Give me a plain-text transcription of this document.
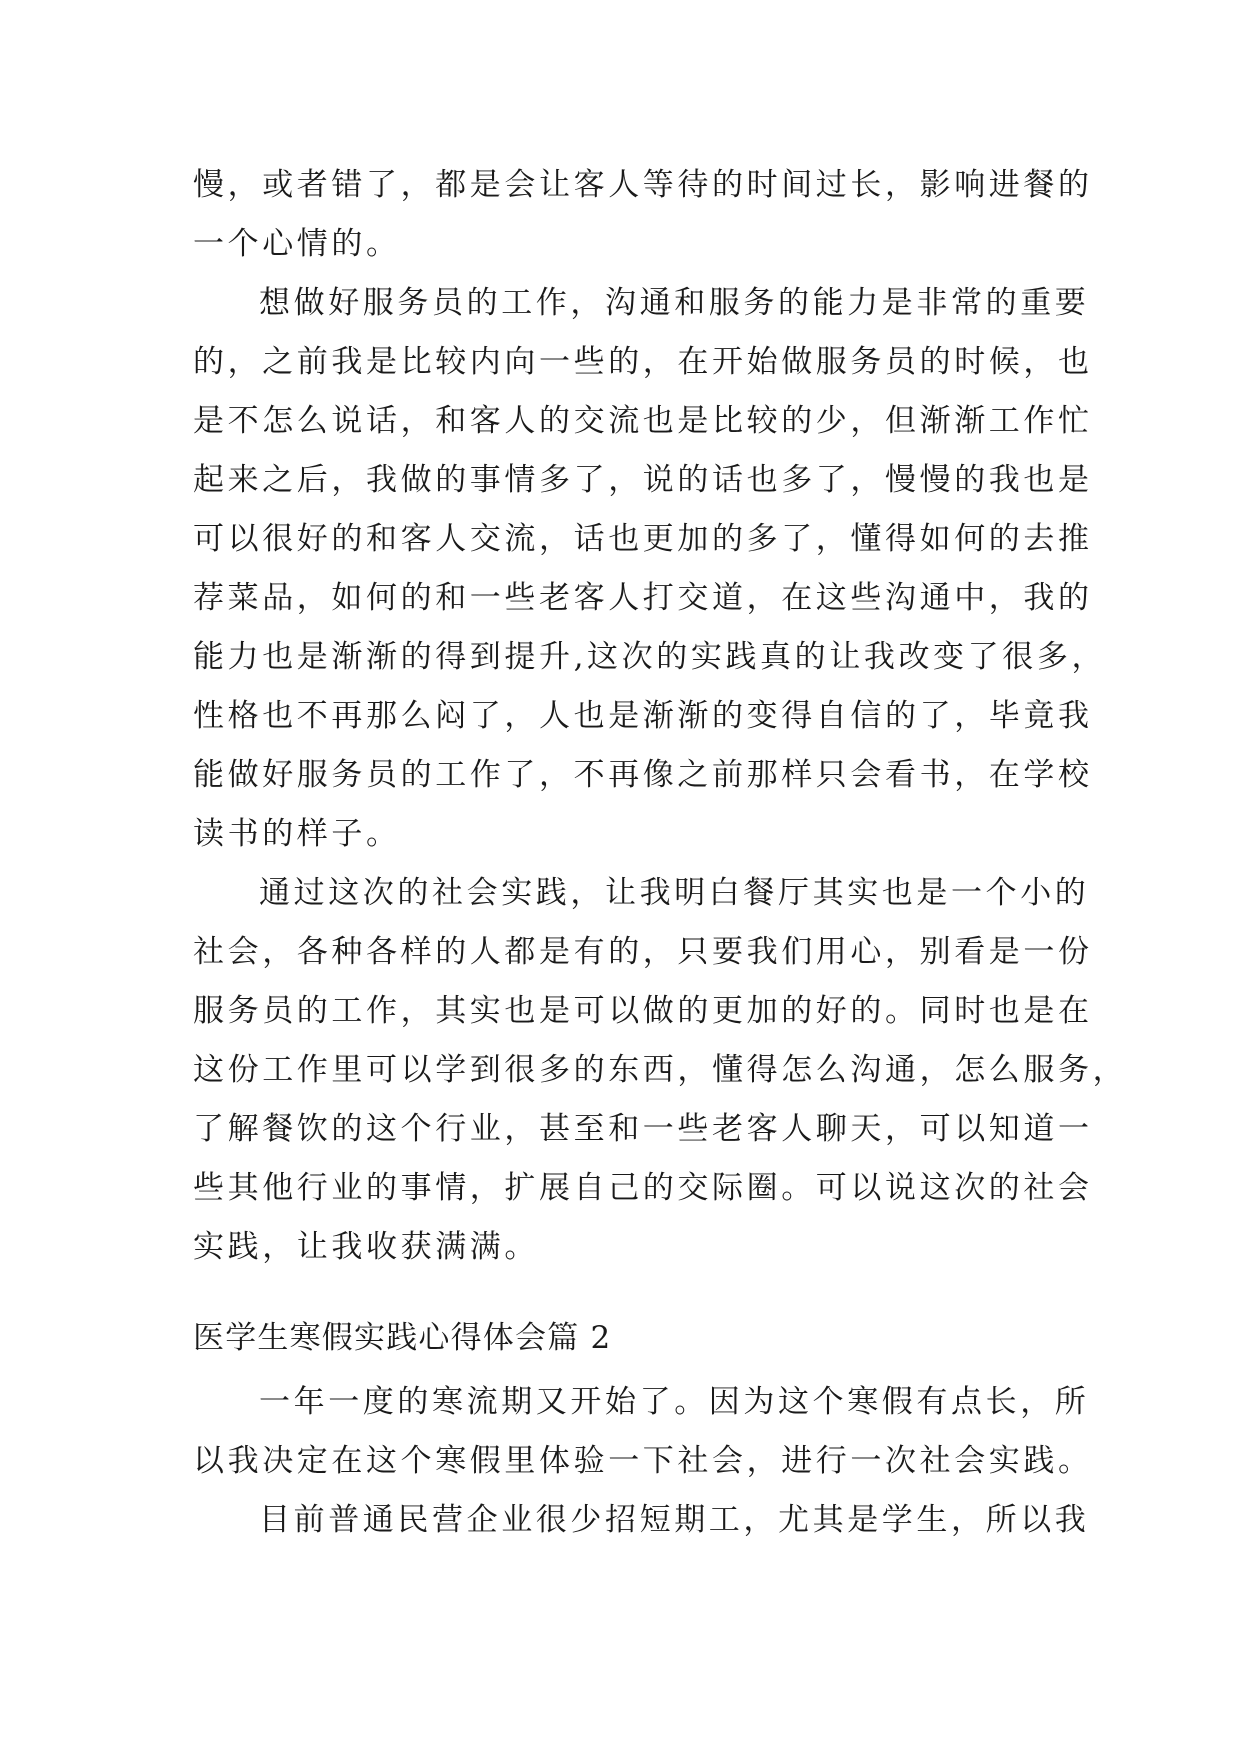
慢，或者错了，都是会让客人等待的时间过长，影响进餐的
一个心情的。
想做好服务员的工作，沟通和服务的能力是非常的重要
的，之前我是比较内向一些的，在开始做服务员的时候，也
是不怎么说话，和客人的交流也是比较的少，但渐渐工作忙
起来之后，我做的事情多了，说的话也多了，慢慢的我也是
可以很好的和客人交流，话也更加的多了，懂得如何的去推
荐菜品，如何的和一些老客人打交道，在这些沟通中，我的
能力也是渐渐的得到提升,这次的实践真的让我改变了很多，
性格也不再那么闷了，人也是渐渐的变得自信的了，毕竟我
能做好服务员的工作了，不再像之前那样只会看书，在学校
读书的样子。
通过这次的社会实践，让我明白餐厅其实也是一个小的
社会，各种各样的人都是有的，只要我们用心，别看是一份
服务员的工作，其实也是可以做的更加的好的。同时也是在
这份工作里可以学到很多的东西，懂得怎么沟通，怎么服务，
了解餐饮的这个行业，甚至和一些老客人聊天，可以知道一
些其他行业的事情，扩展自己的交际圈。可以说这次的社会
实践，让我收获满满。
医学生寒假实践心得体会篇 2
一年一度的寒流期又开始了。因为这个寒假有点长，所
以我决定在这个寒假里体验一下社会，进行一次社会实践。
目前普通民营企业很少招短期工，尤其是学生，所以我
